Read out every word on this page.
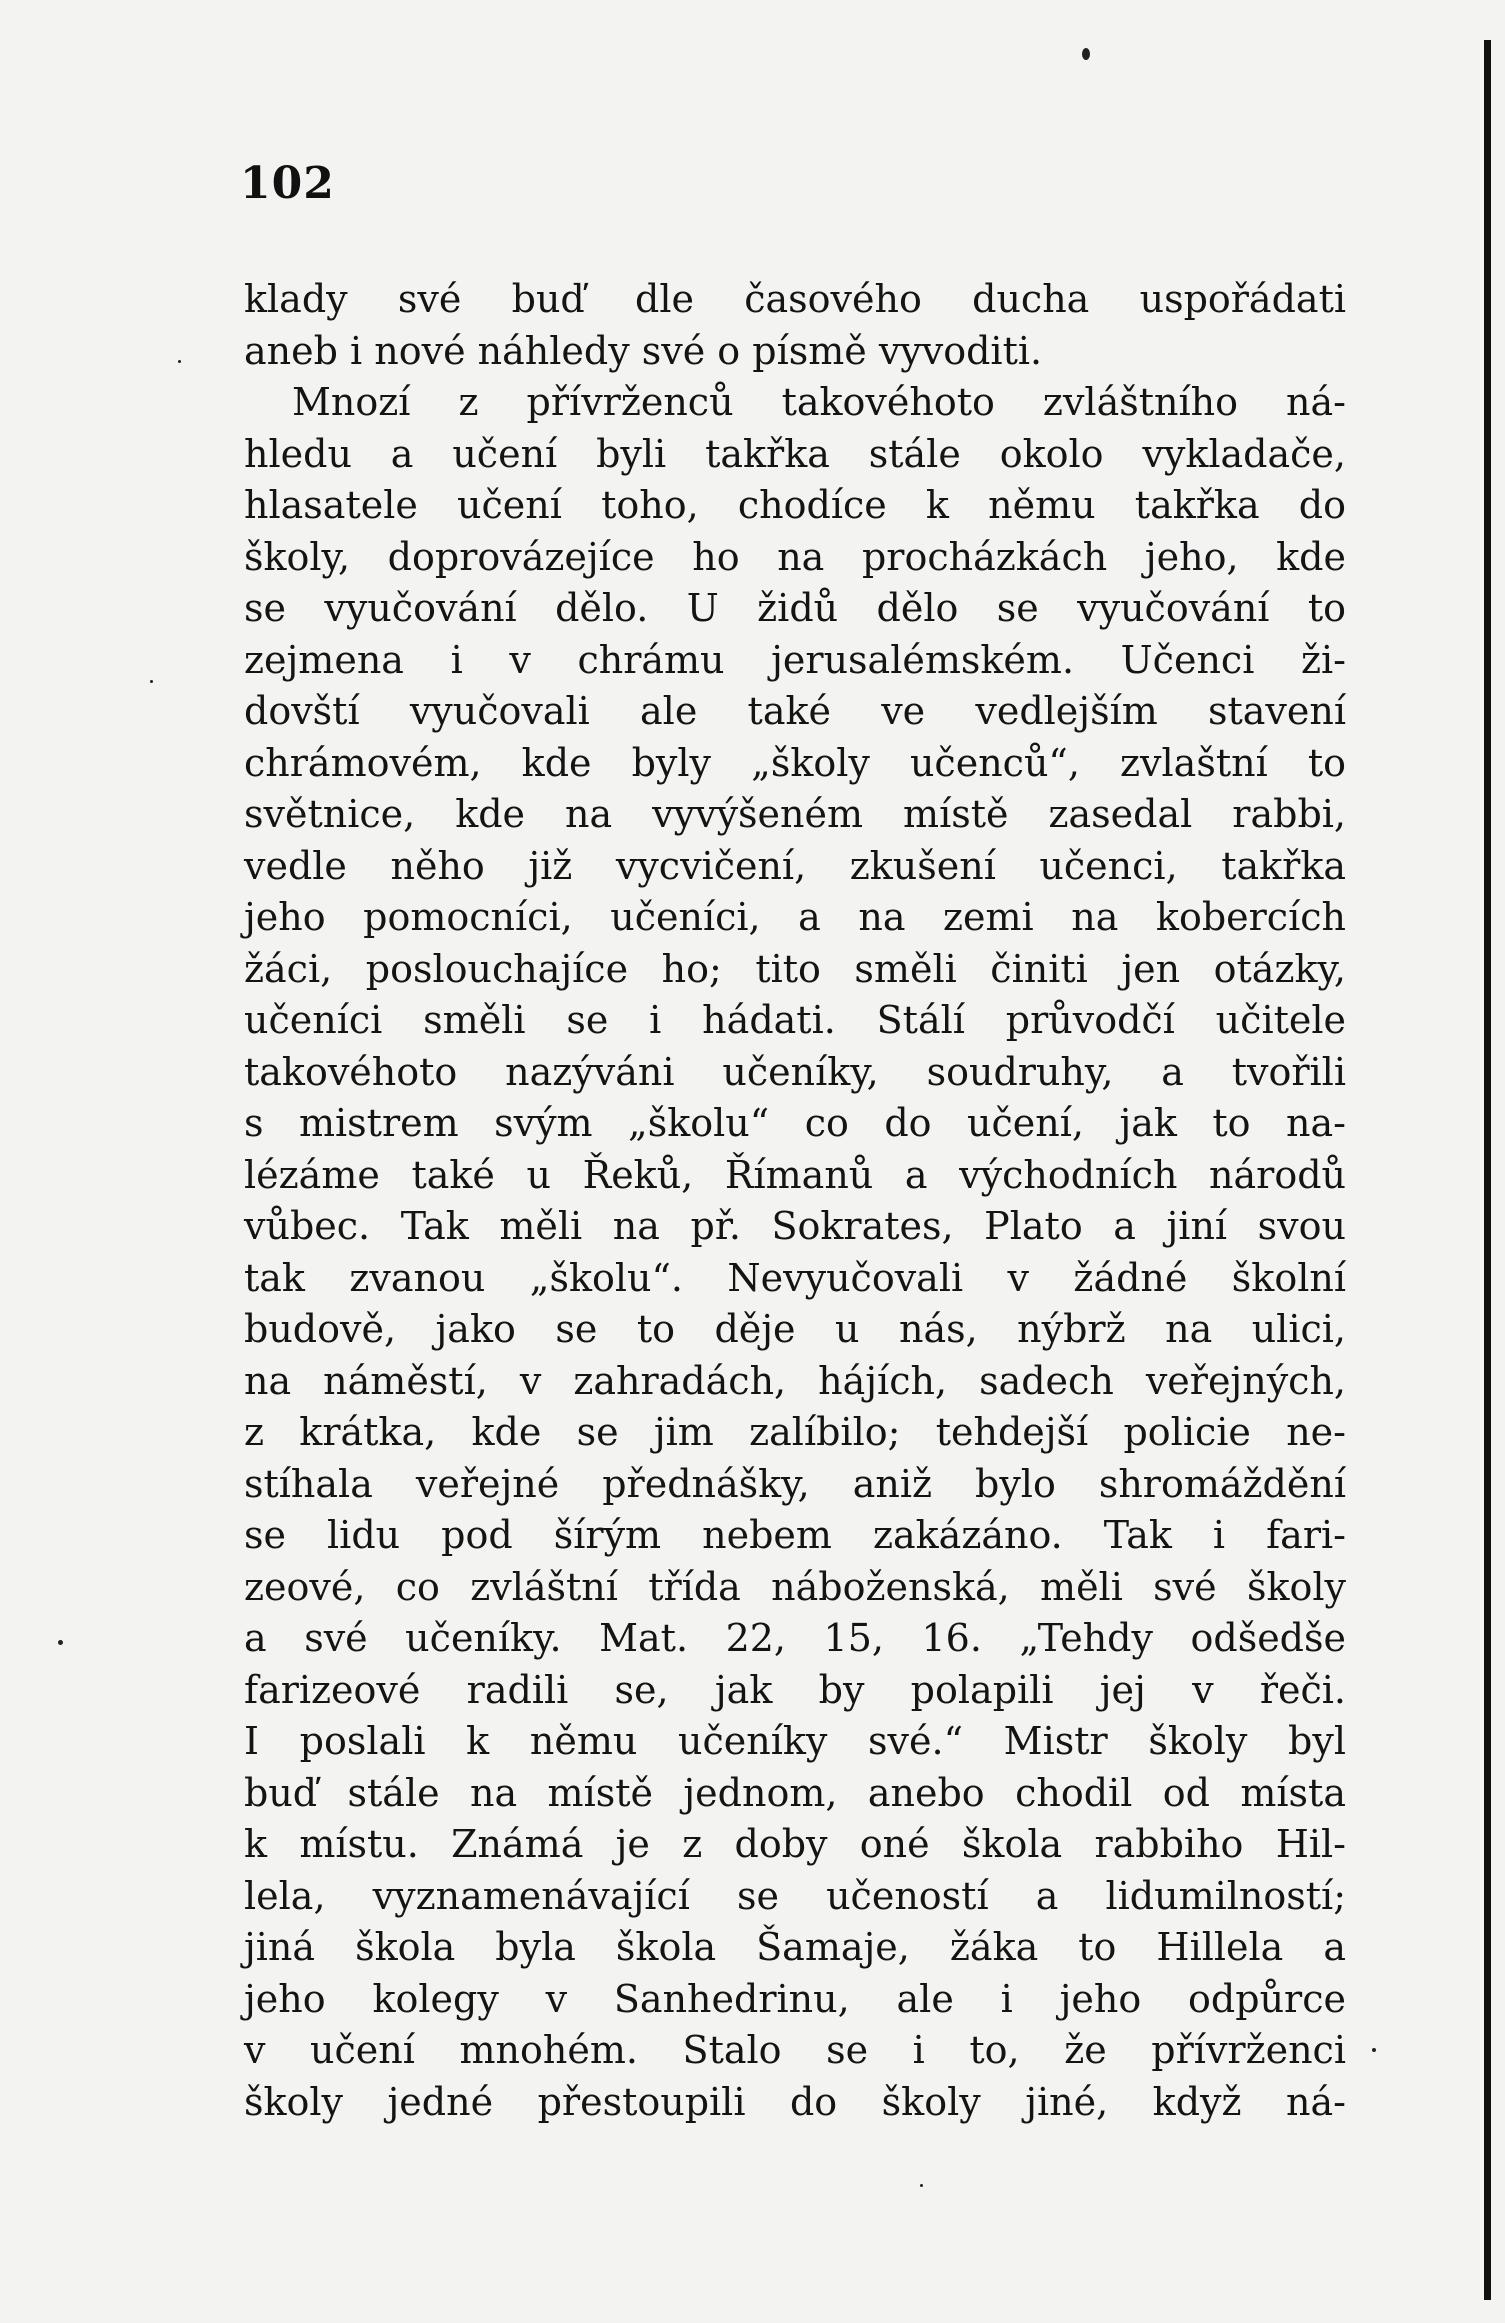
102
klady své buď dle časového ducha uspořádati
aneb i nové náhledy své o písmě vyvoditi.
Mnozí z přívrženců takovéhoto zvláštního ná-
hledu a učení byli takřka stále okolo vykladače,
hlasatele učení toho, chodíce k němu takřka do
školy, doprovázejíce ho na procházkách jeho, kde
se vyučování dělo. U židů dělo se vyučování to
zejmena i v chrámu jerusalémském. Učenci ži-
dovští vyučovali ale také ve vedlejším stavení
chrámovém, kde byly „školy učenců“, zvlaštní to
světnice, kde na vyvýšeném místě zasedal rabbi,
vedle něho již vycvičení, zkušení učenci, takřka
jeho pomocníci, učeníci, a na zemi na kobercích
žáci, poslouchajíce ho; tito směli činiti jen otázky,
učeníci směli se i hádati. Stálí průvodčí učitele
takovéhoto nazýváni učeníky, soudruhy, a tvořili
s mistrem svým „školu“ co do učení, jak to na-
lézáme také u Řeků, Římanů a východních národů
vůbec. Tak měli na př. Sokrates, Plato a jiní svou
tak zvanou „školu“. Nevyučovali v žádné školní
budově, jako se to děje u nás, nýbrž na ulici,
na náměstí, v zahradách, hájích, sadech veřejných,
z krátka, kde se jim zalíbilo; tehdejší policie ne-
stíhala veřejné přednášky, aniž bylo shromáždění
se lidu pod šírým nebem zakázáno. Tak i fari-
zeové, co zvláštní třída náboženská, měli své školy
a své učeníky. Mat. 22, 15, 16. „Tehdy odšedše
farizeové radili se, jak by polapili jej v řeči.
I poslali k němu učeníky své.“ Mistr školy byl
buď stále na místě jednom, anebo chodil od místa
k místu. Známá je z doby oné škola rabbiho Hil-
lela, vyznamenávající se učeností a lidumilností;
jiná škola byla škola Šamaje, žáka to Hillela a
jeho kolegy v Sanhedrinu, ale i jeho odpůrce
v učení mnohém. Stalo se i to, že přívrženci
školy jedné přestoupili do školy jiné, když ná-
